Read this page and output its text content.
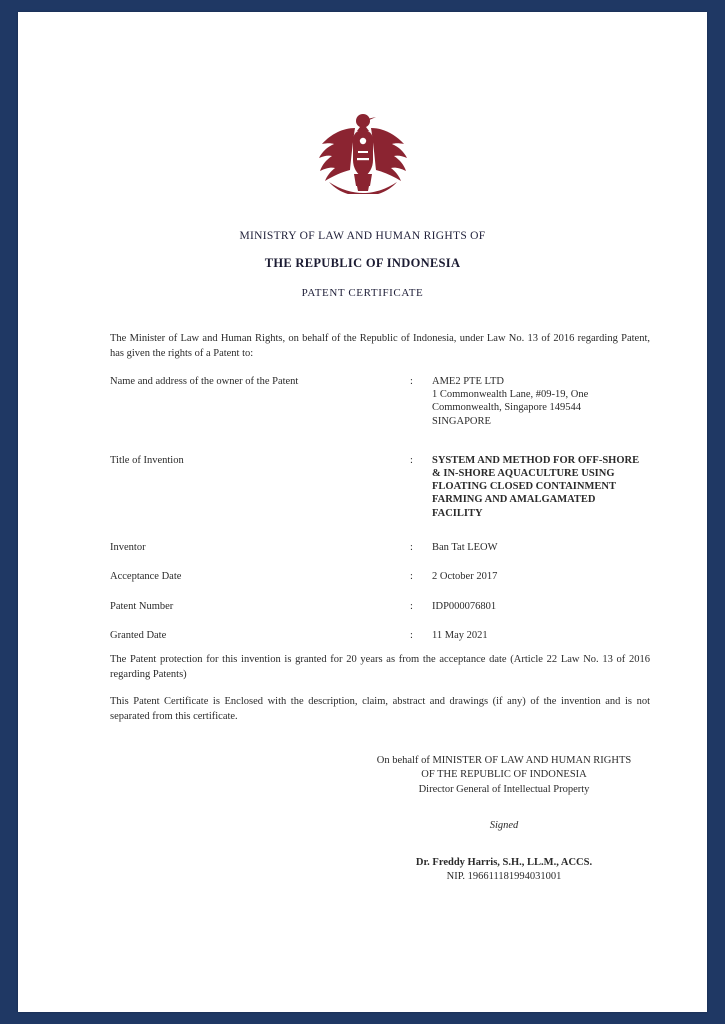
MINISTRY OF LAW AND HUMAN RIGHTS OF
THE REPUBLIC OF INDONESIA
PATENT CERTIFICATE
The Minister of Law and Human Rights, on behalf of the Republic of Indonesia, under Law No. 13 of 2016 regarding Patent, has given the rights of a Patent to:
Name and address of the owner of the Patent	:	AME2 PTE LTD
1 Commonwealth Lane, #09-19, One
Commonwealth, Singapore 149544
SINGAPORE
Title of Invention	:	SYSTEM AND METHOD FOR OFF-SHORE
& IN-SHORE AQUACULTURE USING
FLOATING CLOSED CONTAINMENT
FARMING AND AMALGAMATED
FACILITY
Inventor	:	Ban Tat LEOW
Acceptance Date	:	2 October 2017
Patent Number	:	IDP000076801
Granted Date	:	11 May 2021
The Patent protection for this invention is granted for 20 years as from the acceptance date (Article 22 Law No. 13 of 2016 regarding Patents)
This Patent Certificate is Enclosed with the description, claim, abstract and drawings (if any) of the invention and is not separated from this certificate.
On behalf of MINISTER OF LAW AND HUMAN RIGHTS
OF THE REPUBLIC OF INDONESIA
Director General of Intellectual Property
Signed
Dr. Freddy Harris, S.H., LL.M., ACCS.
NIP. 196611181994031001
